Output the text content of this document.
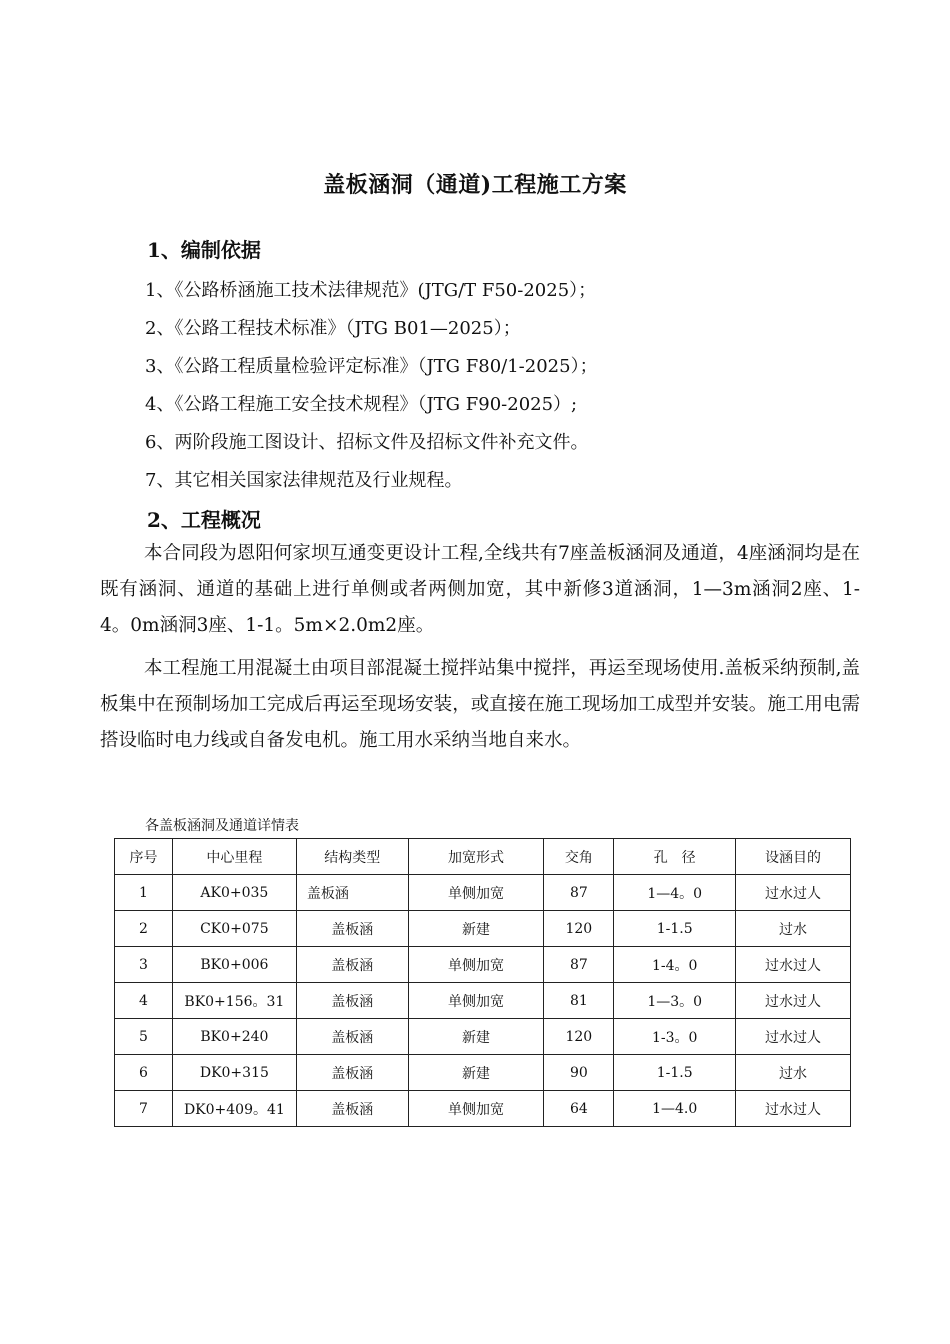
盖板涵洞（通道)工程施工方案
1、编制依据
1、《公路桥涵施工技术法律规范》(JTG/T F50-2025）；
2、《公路工程技术标准》（JTG B01—2025）；
3、《公路工程质量检验评定标准》（JTG F80/1-2025）；
4、《公路工程施工安全技术规程》（JTG F90-2025）;
6、两阶段施工图设计、招标文件及招标文件补充文件。
7、其它相关国家法律规范及行业规程。
2、工程概况
本合同段为恩阳何家坝互通变更设计工程,全线共有7座盖板涵洞及通道，4座涵洞均是在既有涵洞、通道的基础上进行单侧或者两侧加宽，其中新修3道涵洞，1—3m涵洞2座、1-4。0m涵洞3座、1-1。5m×2.0m2座。
本工程施工用混凝土由项目部混凝土搅拌站集中搅拌，再运至现场使用.盖板采纳预制,盖板集中在预制场加工完成后再运至现场安装，或直接在施工现场加工成型并安装。施工用电需搭设临时电力线或自备发电机。施工用水采纳当地自来水。
各盖板涵洞及通道详情表
序号	中心里程	结构类型	加宽形式	交角	孔　径	设涵目的
1	AK0+035	盖板涵	单侧加宽	87	1—4。0	过水过人
2	CK0+075	盖板涵	新建	120	1-1.5	过水
3	BK0+006	盖板涵	单侧加宽	87	1-4。0	过水过人
4	BK0+156。31	盖板涵	单侧加宽	81	1—3。0	过水过人
5	BK0+240	盖板涵	新建	120	1-3。0	过水过人
6	DK0+315	盖板涵	新建	90	1-1.5	过水
7	DK0+409。41	盖板涵	单侧加宽	64	1—4.0	过水过人
